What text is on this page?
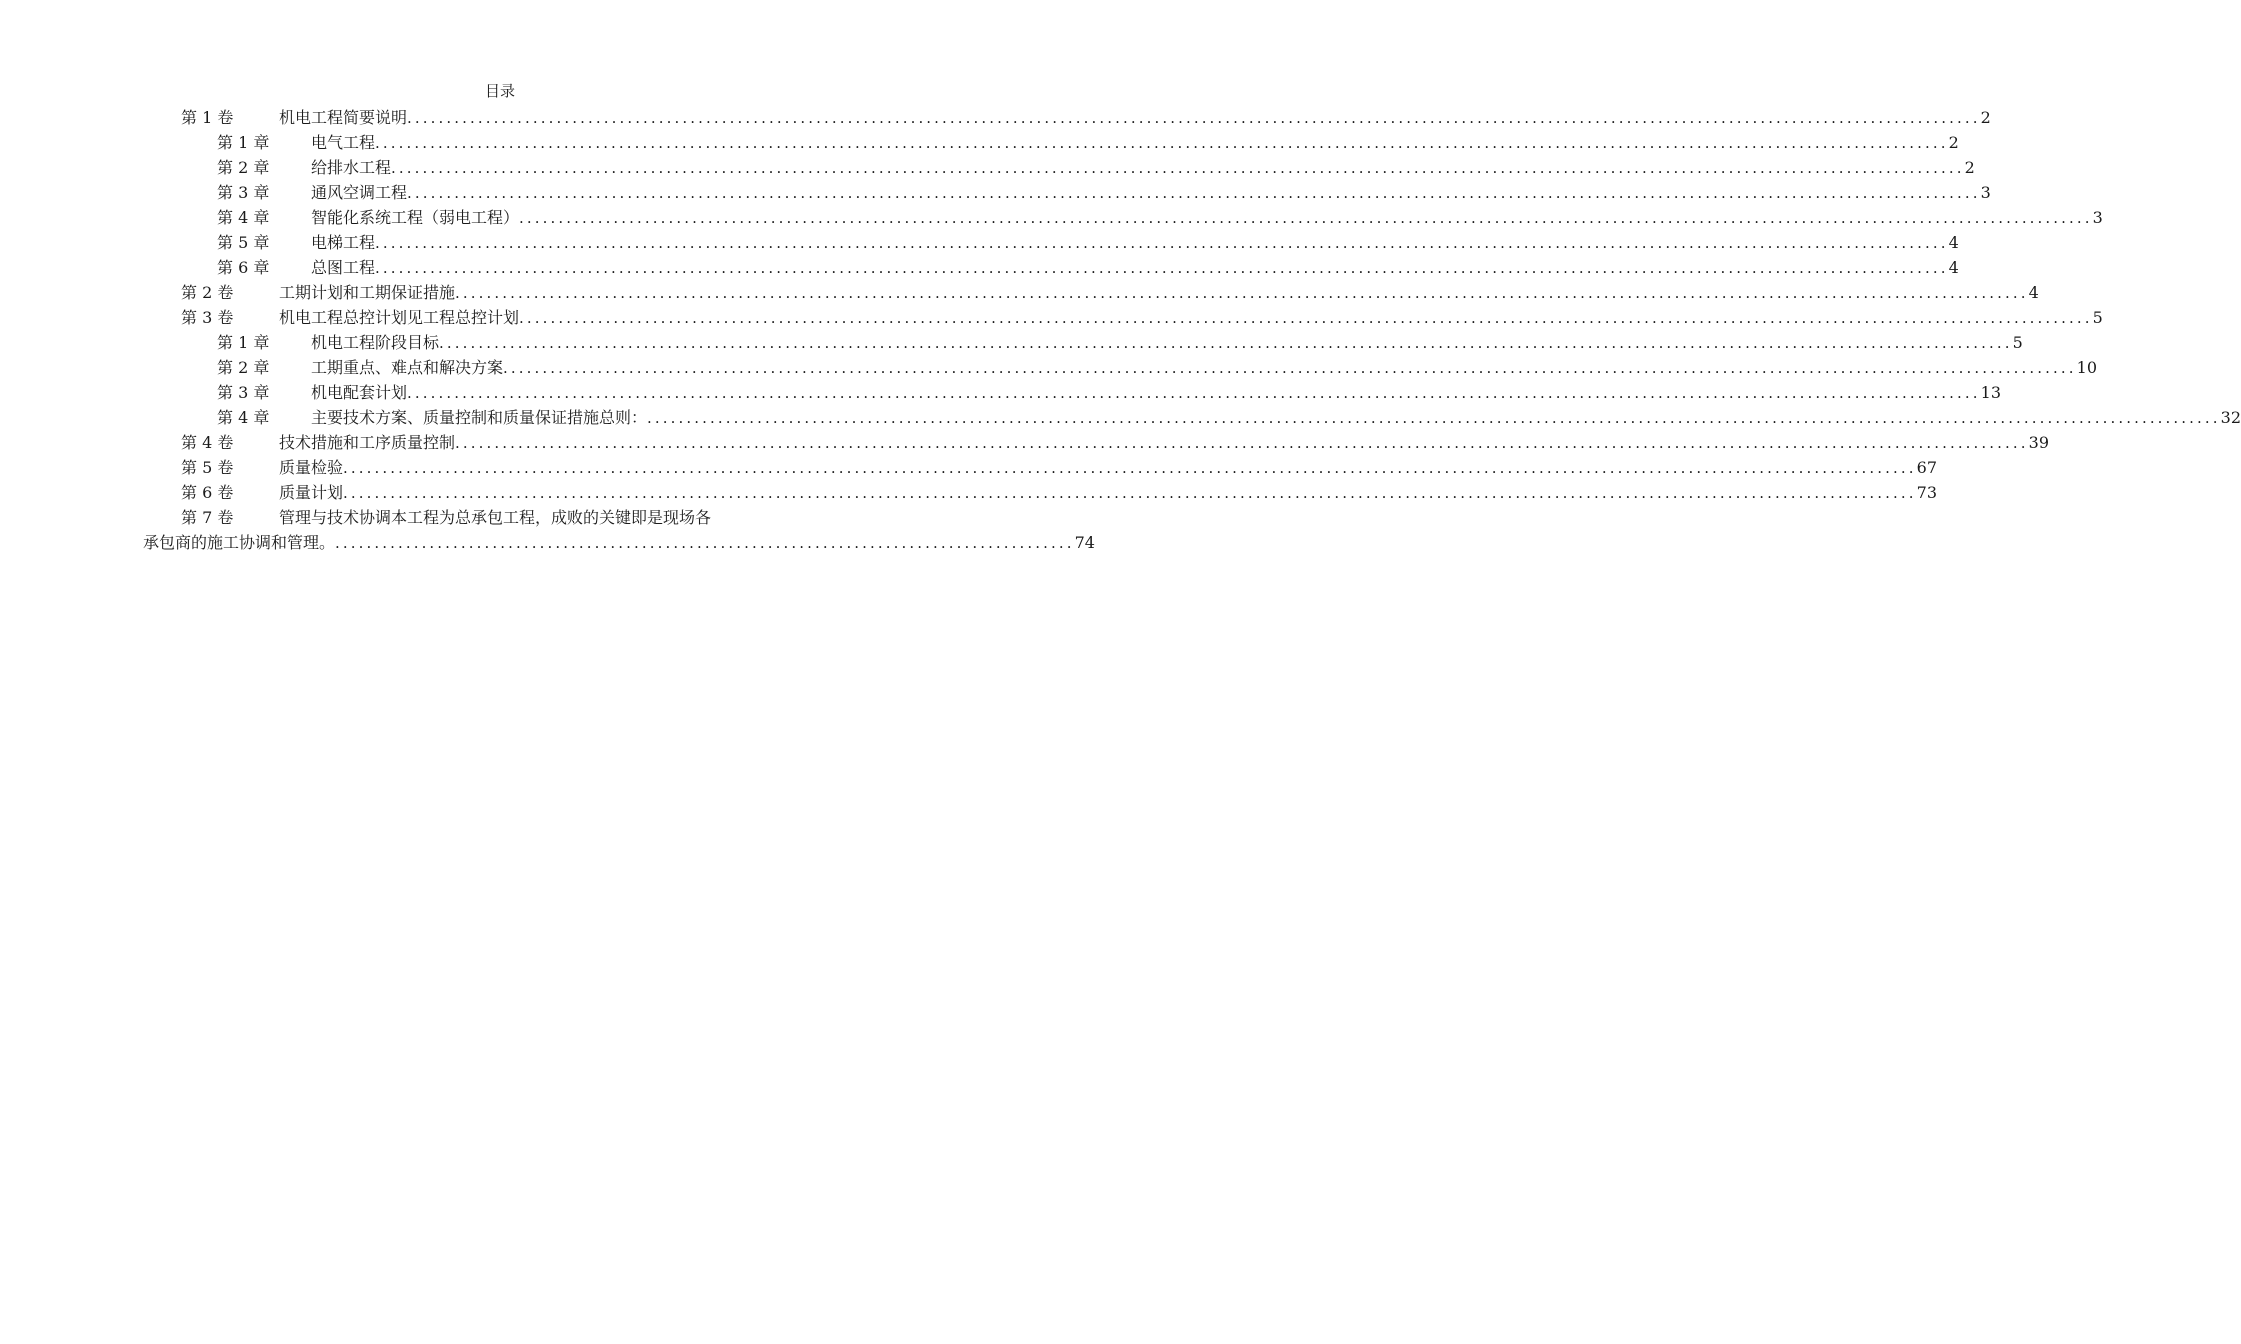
目录
第 1 卷	机电工程简要说明 ........................................................................................................................................................................................................ 2
第 1 章	电气工程 ........................................................................................................................................................................................................ 2
第 2 章	给排水工程 ........................................................................................................................................................................................................ 2
第 3 章	通风空调工程 ........................................................................................................................................................................................................ 3
第 4 章	智能化系统工程（弱电工程） ........................................................................................................................................................................................................ 3
第 5 章	电梯工程 ........................................................................................................................................................................................................ 4
第 6 章	总图工程 ........................................................................................................................................................................................................ 4
第 2 卷	工期计划和工期保证措施 ........................................................................................................................................................................................................ 4
第 3 卷	机电工程总控计划见工程总控计划 ........................................................................................................................................................................................................ 5
第 1 章	机电工程阶段目标 ........................................................................................................................................................................................................ 5
第 2 章	工期重点、难点和解决方案 ........................................................................................................................................................................................................ 10
第 3 章	机电配套计划 ........................................................................................................................................................................................................ 13
第 4 章	主要技术方案、质量控制和质量保证措施总则： ........................................................................................................................................................................................................ 32
第 4 卷	技术措施和工序质量控制 ........................................................................................................................................................................................................ 39
第 5 卷	质量检验 ........................................................................................................................................................................................................ 67
第 6 卷	质量计划 ........................................................................................................................................................................................................ 73
第 7 卷	管理与技术协调本工程为总承包工程，成败的关键即是现场各
承包商的施工协调和管理。 .............................................................................................. 74
